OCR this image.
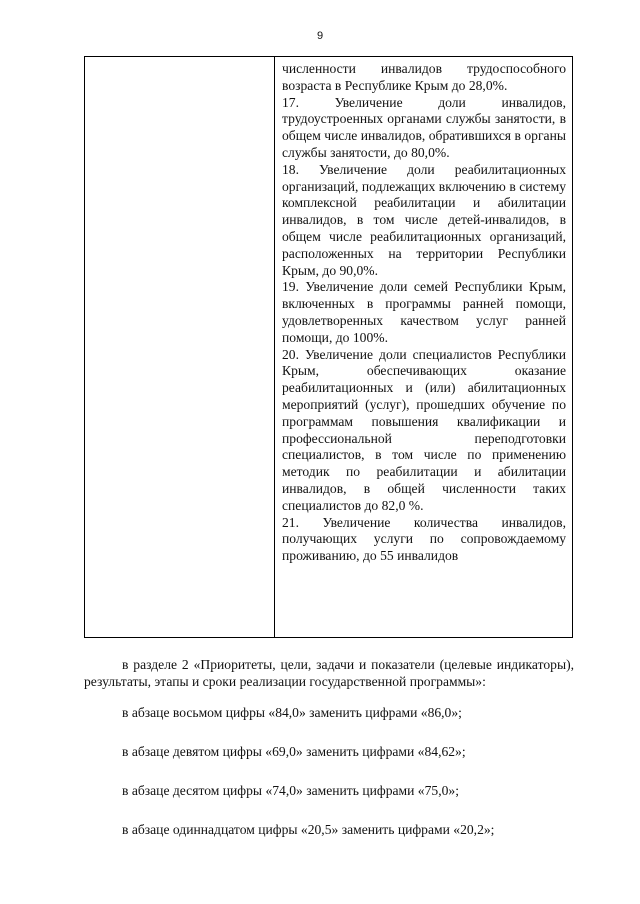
9

численности инвалидов трудоспособного возраста в Республике Крым до 28,0%.

17. Увеличение доли инвалидов, трудоустроенных органами службы занятости, в общем числе инвалидов, обратившихся в органы службы занятости, до 80,0%.

18. Увеличение доли реабилитационных организаций, подлежащих включению в систему комплексной реабилитации и абилитации инвалидов, в том числе детей-инвалидов, в общем числе реабилитационных организаций, расположенных на территории Республики Крым, до 90,0%.

19. Увеличение доли семей Республики Крым, включенных в программы ранней помощи, удовлетворенных качеством услуг ранней помощи, до 100%.

20. Увеличение доли специалистов Республики Крым, обеспечивающих оказание реабилитационных и (или) абилитационных мероприятий (услуг), прошедших обучение по программам повышения квалификации и профессиональной переподготовки специалистов, в том числе по применению методик по реабилитации и абилитации инвалидов, в общей численности таких специалистов до 82,0 %.

21. Увеличение количества инвалидов, получающих услуги по сопровождаемому проживанию, до 55 инвалидов

в разделе 2 «Приоритеты, цели, задачи и показатели (целевые индикаторы), результаты, этапы и сроки реализации государственной программы»:

в абзаце восьмом цифры «84,0» заменить цифрами «86,0»;

в абзаце девятом цифры «69,0» заменить цифрами «84,62»;

в абзаце десятом цифры «74,0» заменить цифрами «75,0»;

в абзаце одиннадцатом цифры «20,5» заменить цифрами «20,2»;
